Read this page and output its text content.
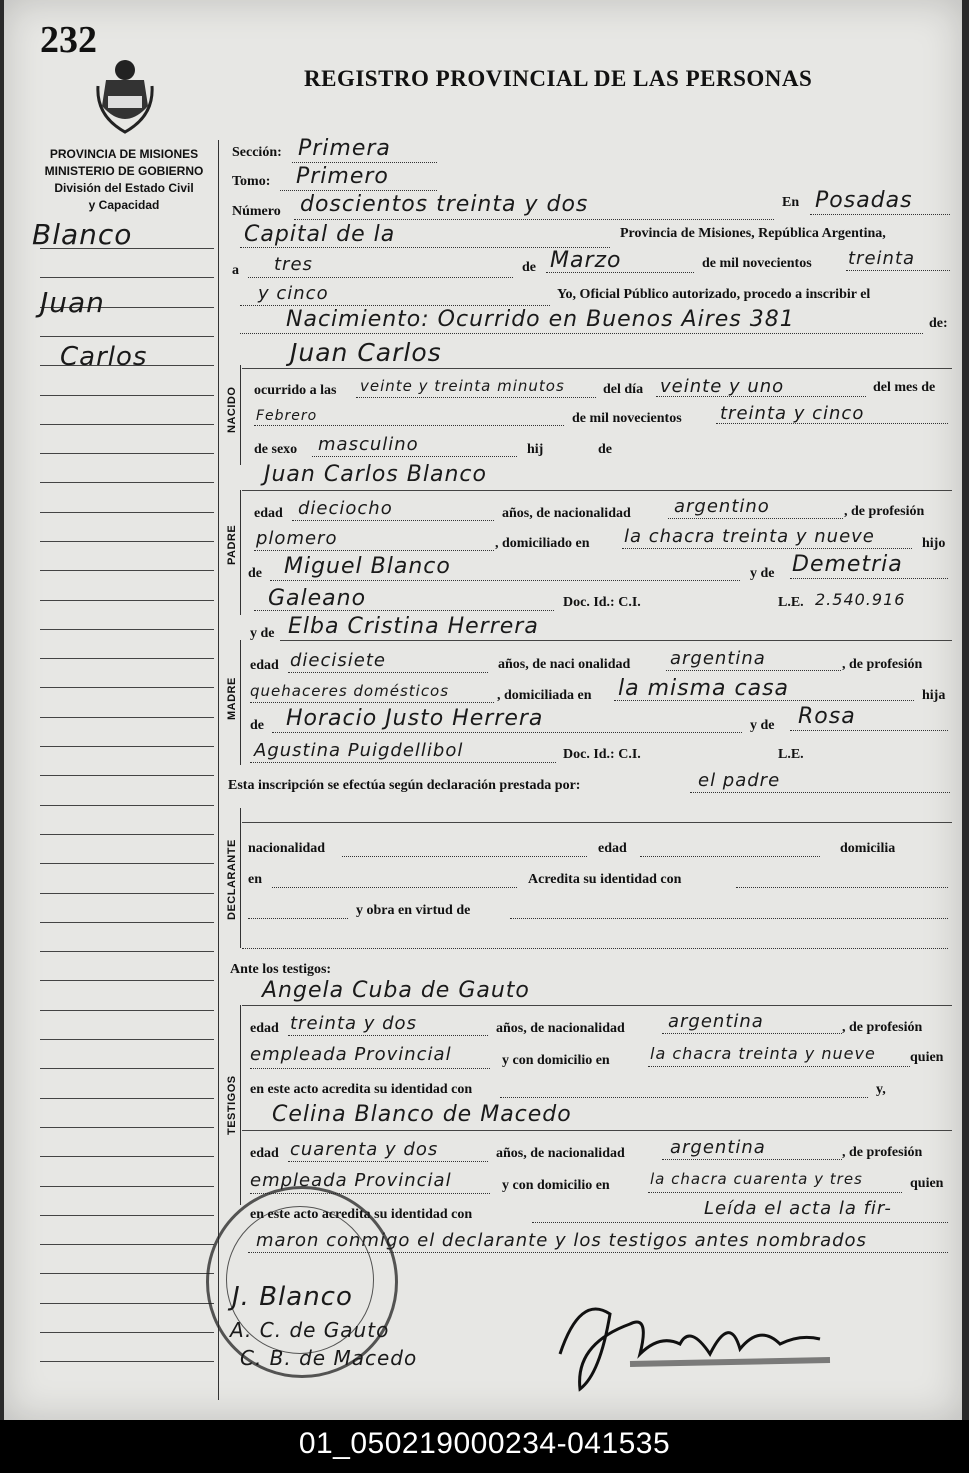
232
REGISTRO PROVINCIAL DE LAS PERSONAS
PROVINCIA DE MISIONES
MINISTERIO DE GOBIERNO
División del Estado Civil
y Capacidad
Blanco
Juan
Carlos
NACIDO
PADRE
MADRE
DECLARANTE
TESTIGOS
Sección: Primera
Tomo: Primero
Número doscientos treinta y dos	En Posadas
Capital de la	Provincia de Misiones, República Argentina,
a tres	de Marzo	de mil novecientos treinta
y cinco	Yo, Oficial Público autorizado, procedo a inscribir el
Nacimiento: Ocurrido en Buenos Aires 381	de:
Juan Carlos
ocurrido a las veinte y treinta minutos	del día veinte y uno	del mes de
Febrero	de mil novecientos treinta y cinco
de sexo masculino	hij	de
Juan Carlos Blanco
edad dieciocho	años, de nacionalidad argentino	, de profesión
plomero	, domiciliado en la chacra treinta y nueve	hijo
de Miguel Blanco	y de Demetria
Galeano	Doc. Id.: C.I.	L.E. 2.540.916
y de Elba Cristina Herrera
edad diecisiete	años, de naci onalidad argentina	, de profesión
quehaceres domésticos	, domiciliada en la misma casa	hija
de Horacio Justo Herrera	y de Rosa
Agustina Puigdellibol	Doc. Id.: C.I.	L.E.
Esta inscripción se efectúa según declaración prestada por:	el padre
nacionalidad	edad	domicilia
en	Acredita su identidad con
y obra en virtud de
Ante los testigos:
Angela Cuba de Gauto
edad treinta y dos	años, de nacionalidad argentina	, de profesión
empleada Provincial	y con domicilio en	la chacra treinta y nueve quien
en este acto acredita su identidad con	y,
Celina Blanco de Macedo
edad cuarenta y dos	años, de nacionalidad	argentina	, de profesión
empleada Provincial	y con domicilio en	la chacra cuarenta y tres	quien
en este acto acredita su identidad con	Leída el acta la fir-
maron conmigo el declarante y los testigos antes nombrados
J. Blanco
A. C. de Gauto
C. B. de Macedo
01_050219000234-041535
